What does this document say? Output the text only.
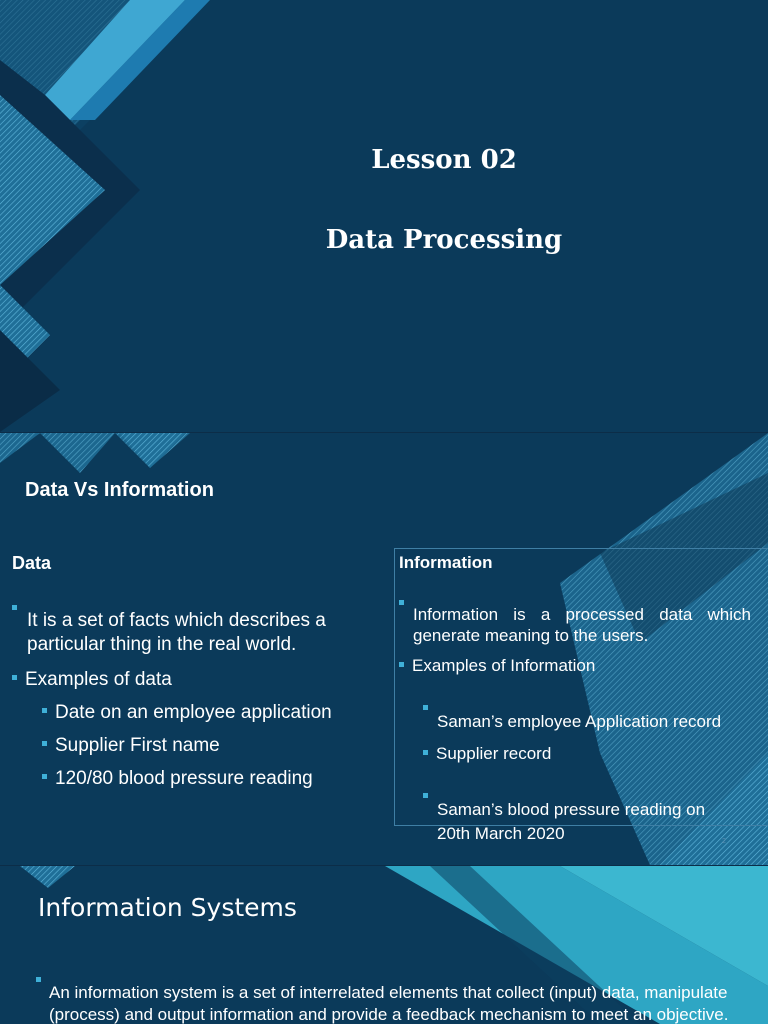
Lesson 02
Data Processing
Data Vs Information
Data
It is a set of facts which describes a particular thing in the real world.
Examples of data
Date on an employee application
Supplier First name
120/80 blood pressure reading
Information
Information is a processed data which generate meaning to the users.
Examples of Information
Saman’s employee Application record
Supplier record
Saman’s blood pressure reading on 20th March 2020	2
Information Systems
An information system is a set of interrelated elements that collect (input) data, manipulate (process) and output information and provide a feedback mechanism to meet an objective.
